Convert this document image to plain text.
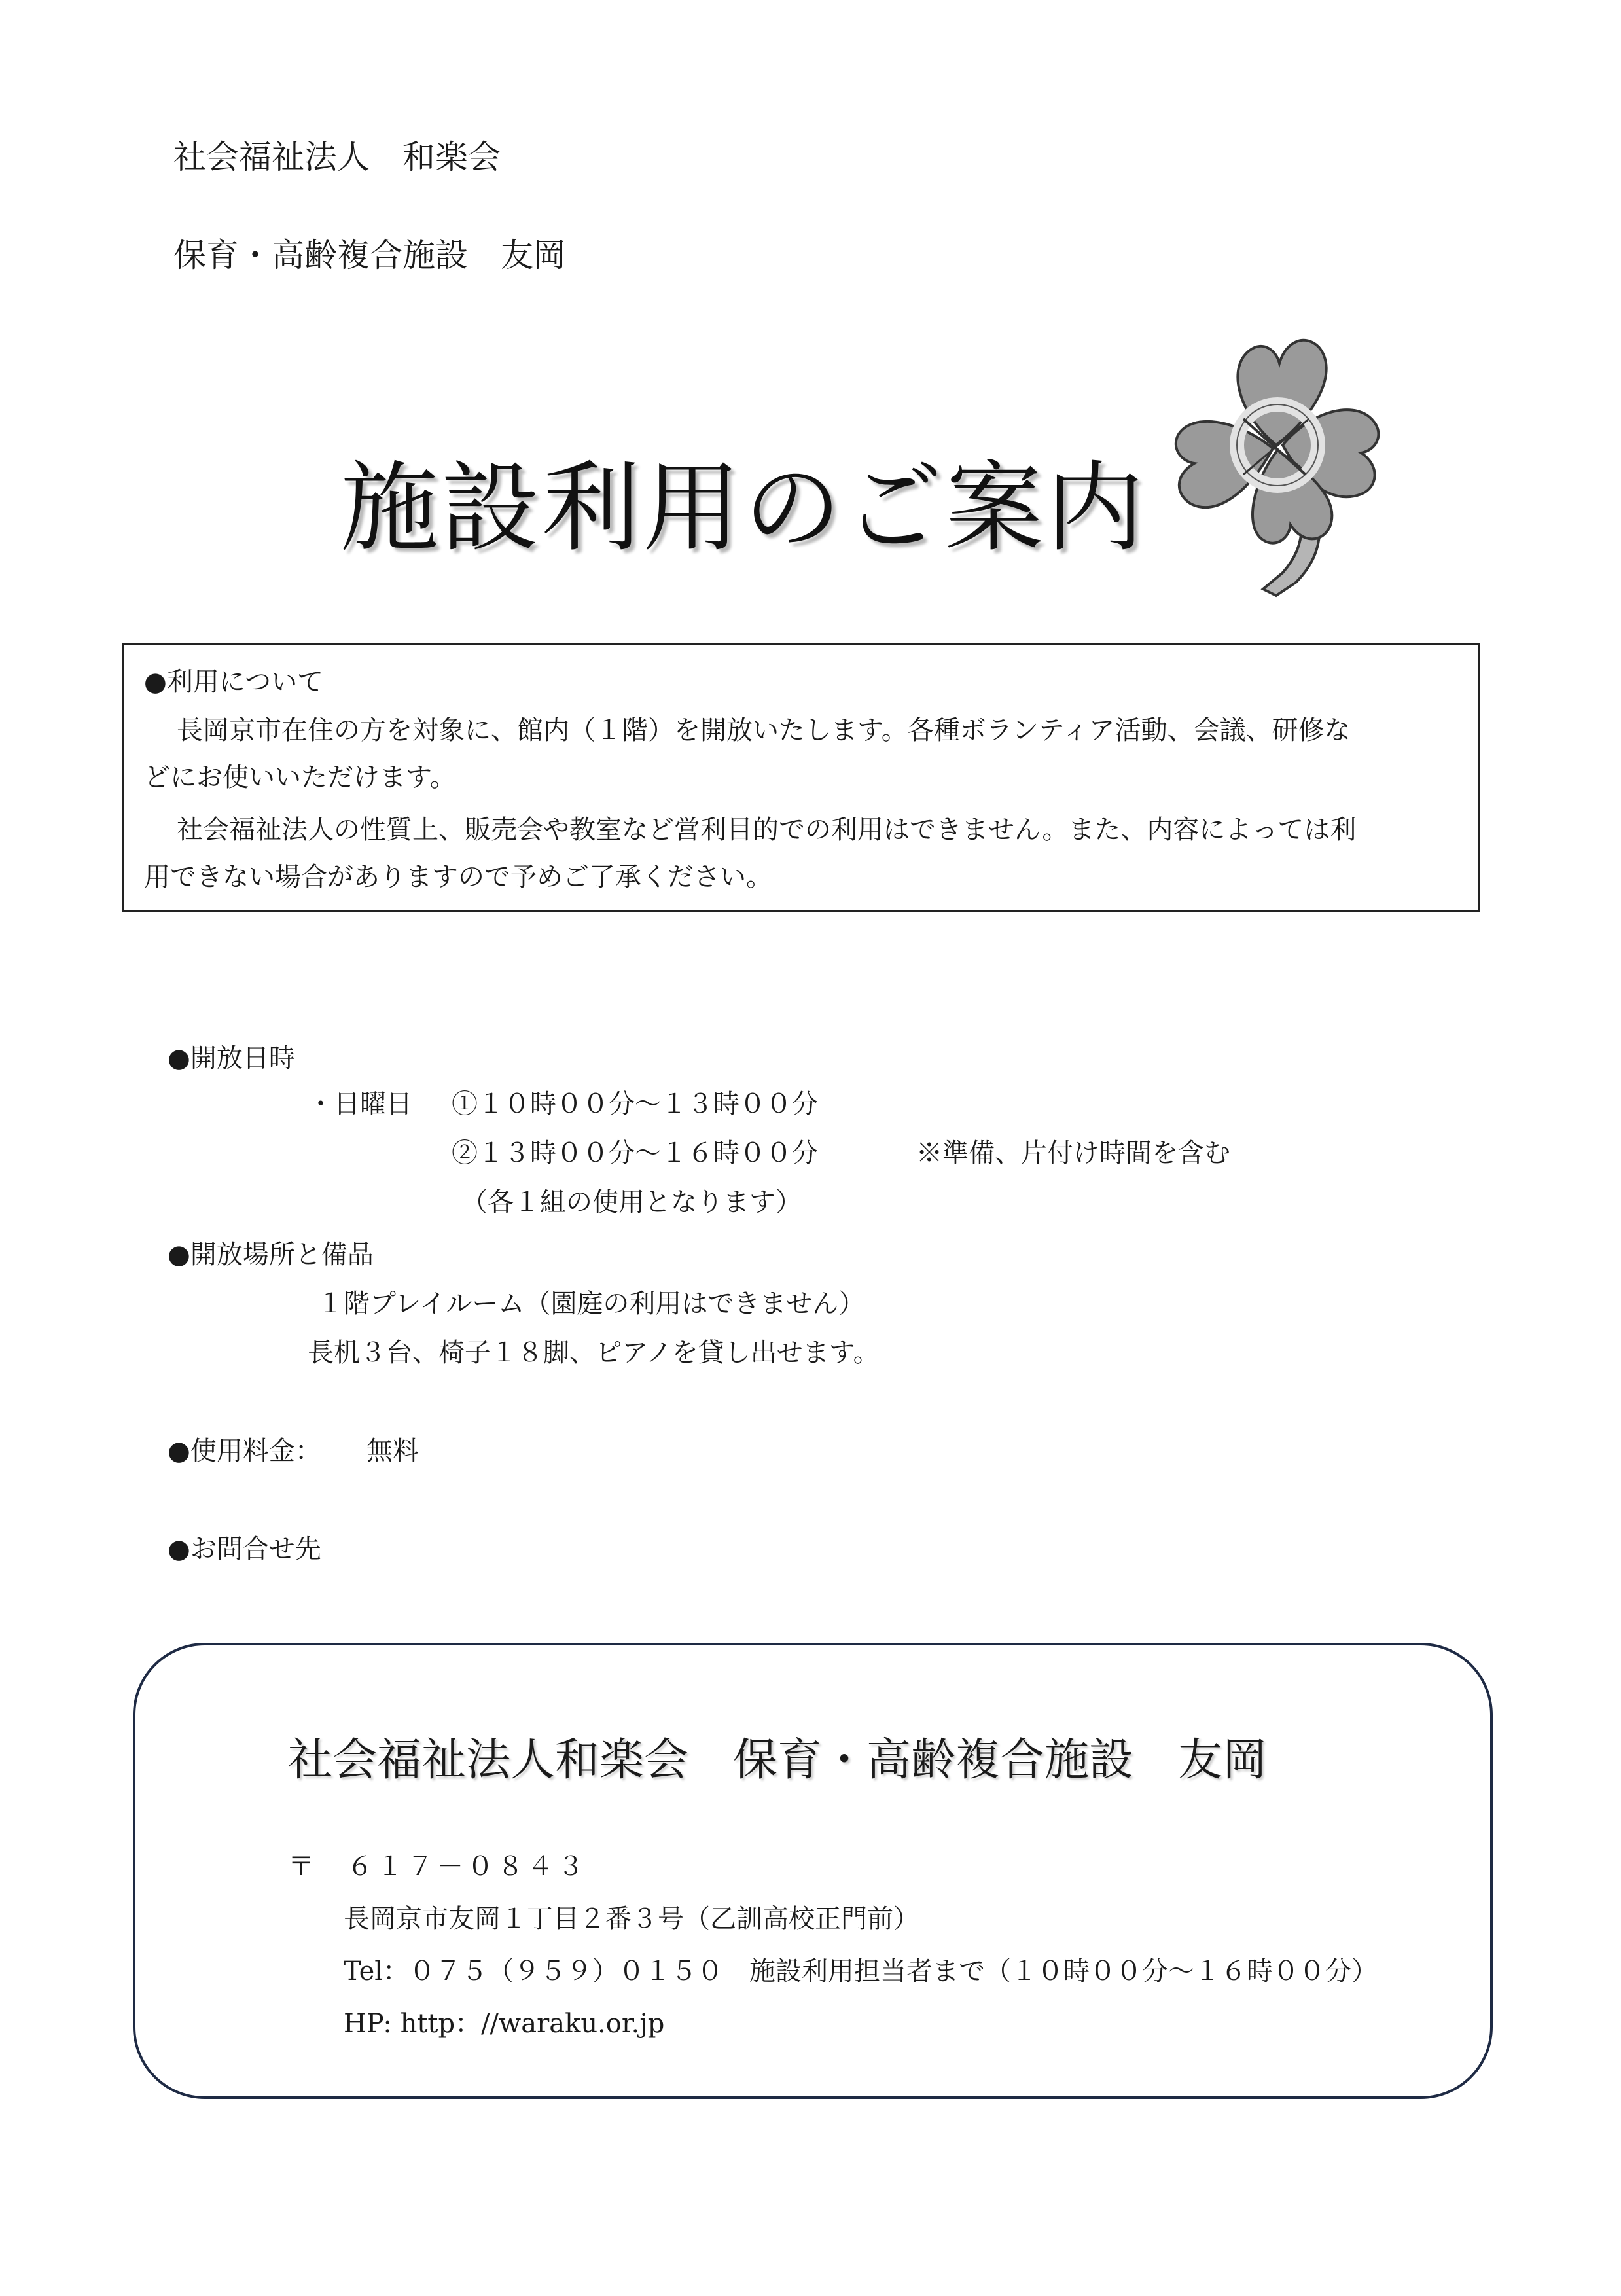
社会福祉法人　和楽会
保育・高齢複合施設　友岡
施設利用のご案内
●利用について
長岡京市在住の方を対象に、館内（１階）を開放いたします。各種ボランティア活動、会議、研修な
どにお使いいただけます。
社会福祉法人の性質上、販売会や教室など営利目的での利用はできません。また、内容によっては利
用できない場合がありますので予めご了承ください。
●開放日時
・日曜日 ①１０時００分～１３時００分
②１３時００分～１６時００分	※準備、片付け時間を含む
（各１組の使用となります）
●開放場所と備品
１階プレイルーム（園庭の利用はできません）
長机３台、椅子１８脚、ピアノを貸し出せます。
●使用料金： 無料
●お問合せ先
社会福祉法人和楽会　保育・高齢複合施設　友岡
〒 ６１７－０８４３
長岡京市友岡１丁目２番３号（乙訓高校正門前）
Tel：０７５（９５９）０１５０　施設利用担当者まで（１０時００分～１６時００分）
HP: http：//waraku.or.jp
